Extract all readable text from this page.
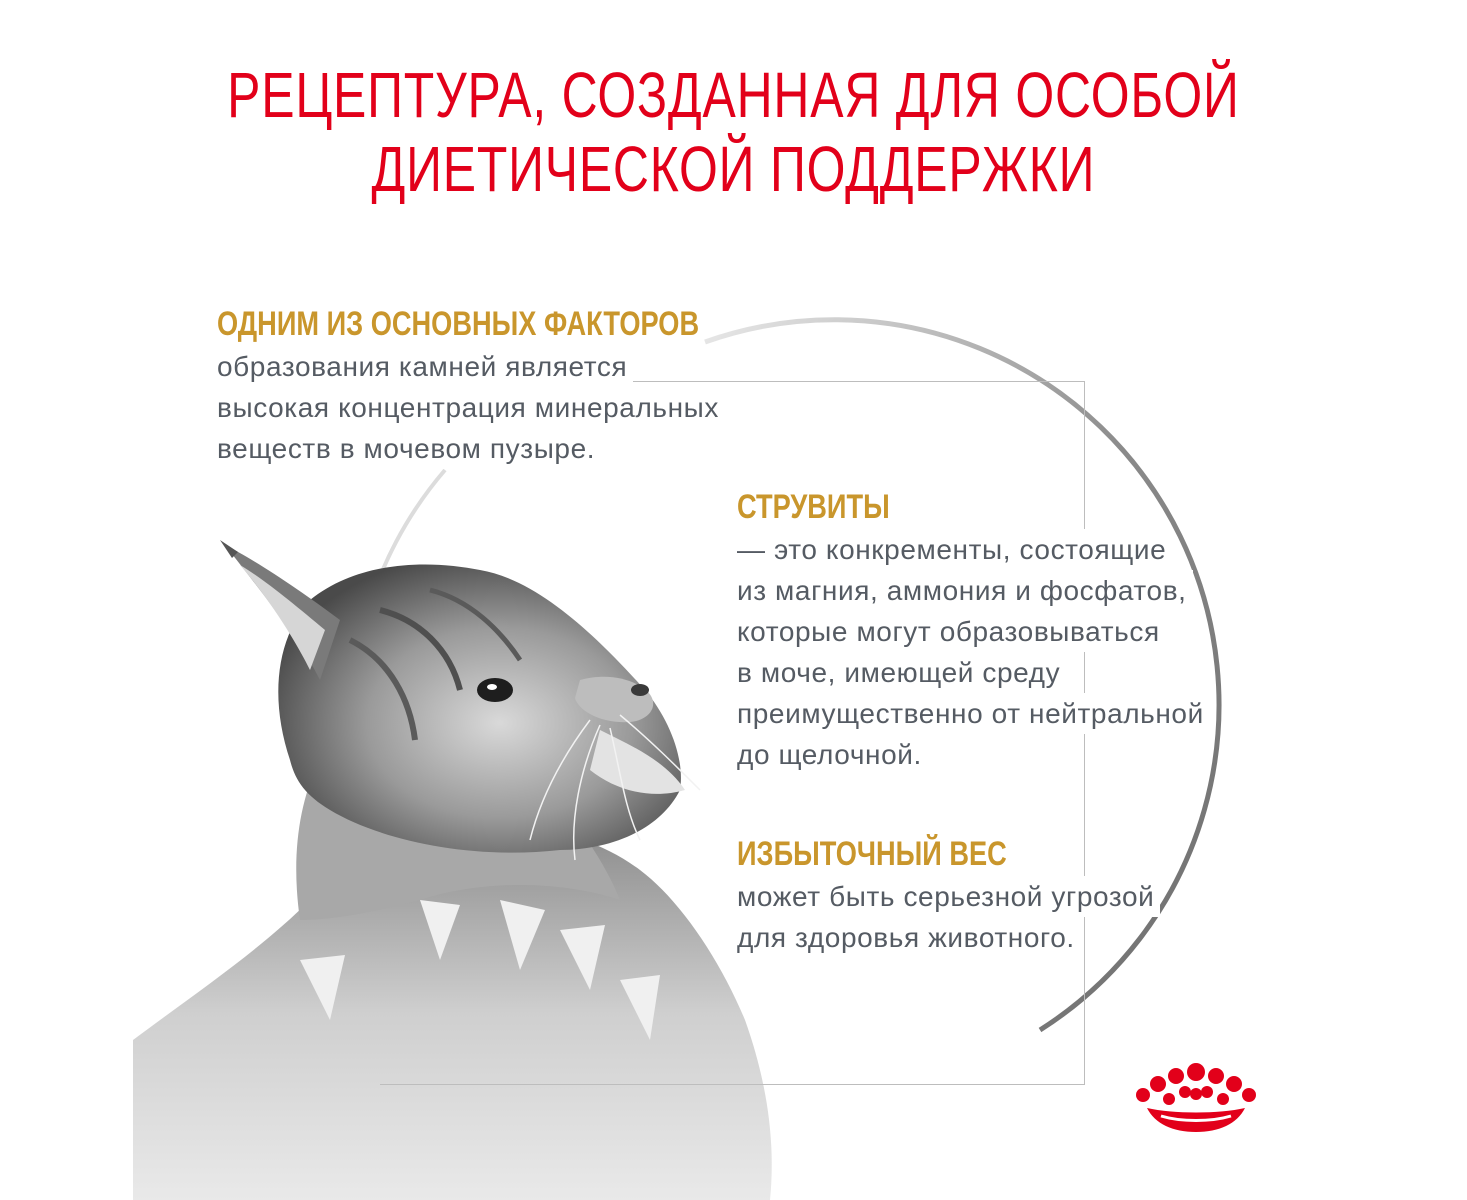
РЕЦЕПТУРА, СОЗДАННАЯ ДЛЯ ОСОБОЙ
ДИЕТИЧЕСКОЙ ПОДДЕРЖКИ

ОДНИМ ИЗ ОСНОВНЫХ ФАКТОРОВ

образования камней является
высокая концентрация минеральных
веществ в мочевом пузыре.

СТРУВИТЫ

— это конкременты, состоящие
из магния, аммония и фосфатов,
которые могут образовываться
в моче, имеющей среду
преимущественно от нейтральной
до щелочной.

ИЗБЫТОЧНЫЙ ВЕС

может быть серьезной угрозой
для здоровья животного.
